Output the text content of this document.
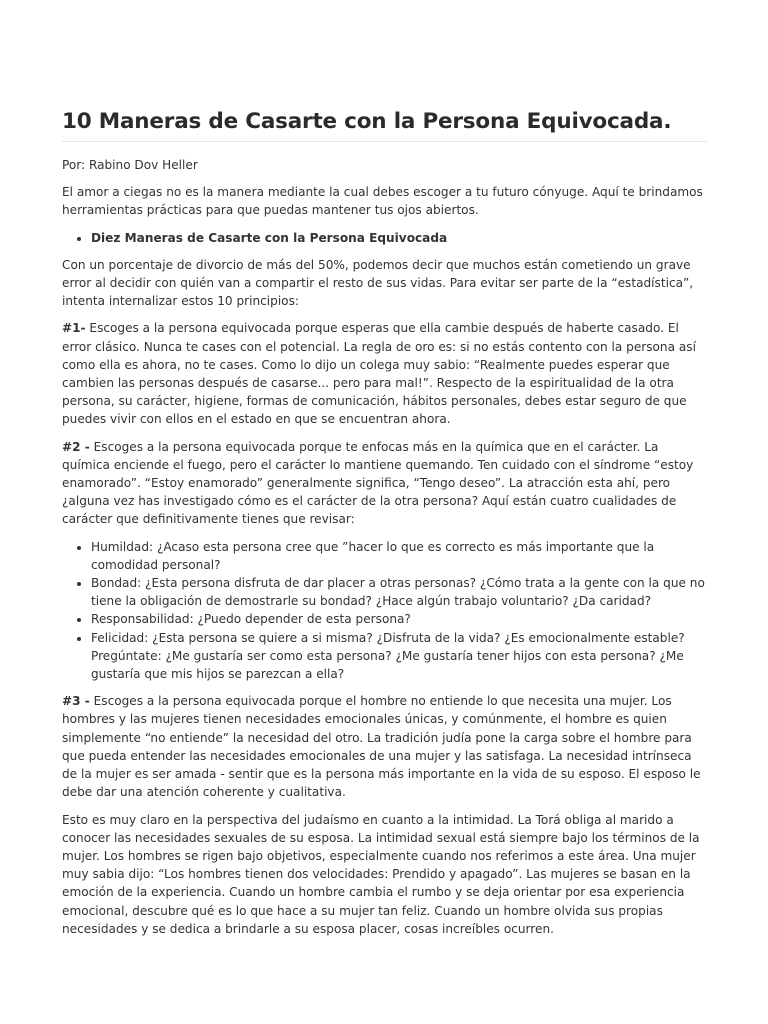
10 Maneras de Casarte con la Persona Equivocada.

Por: Rabino Dov Heller

El amor a ciegas no es la manera mediante la cual debes escoger a tu futuro cónyuge. Aquí te brindamos herramientas prácticas para que puedas mantener tus ojos abiertos.

• Diez Maneras de Casarte con la Persona Equivocada

Con un porcentaje de divorcio de más del 50%, podemos decir que muchos están cometiendo un grave error al decidir con quién van a compartir el resto de sus vidas. Para evitar ser parte de la “estadística”, intenta internalizar estos 10 principios:

#1- Escoges a la persona equivocada porque esperas que ella cambie después de haberte casado. El error clásico. Nunca te cases con el potencial. La regla de oro es: si no estás contento con la persona así como ella es ahora, no te cases. Como lo dijo un colega muy sabio: “Realmente puedes esperar que cambien las personas después de casarse... pero para mal!”. Respecto de la espiritualidad de la otra persona, su carácter, higiene, formas de comunicación, hábitos personales, debes estar seguro de que puedes vivir con ellos en el estado en que se encuentran ahora.

#2 - Escoges a la persona equivocada porque te enfocas más en la química que en el carácter. La química enciende el fuego, pero el carácter lo mantiene quemando. Ten cuidado con el síndrome “estoy enamorado”. “Estoy enamorado” generalmente significa, “Tengo deseo”. La atracción esta ahí, pero ¿alguna vez has investigado cómo es el carácter de la otra persona? Aquí están cuatro cualidades de carácter que definitivamente tienes que revisar:

• Humildad: ¿Acaso esta persona cree que ”hacer lo que es correcto es más importante que la comodidad personal?
• Bondad: ¿Esta persona disfruta de dar placer a otras personas? ¿Cómo trata a la gente con la que no tiene la obligación de demostrarle su bondad? ¿Hace algún trabajo voluntario? ¿Da caridad?
• Responsabilidad: ¿Puedo depender de esta persona?
• Felicidad: ¿Esta persona se quiere a si misma? ¿Disfruta de la vida? ¿Es emocionalmente estable? Pregúntate: ¿Me gustaría ser como esta persona? ¿Me gustaría tener hijos con esta persona? ¿Me gustaría que mis hijos se parezcan a ella?

#3 - Escoges a la persona equivocada porque el hombre no entiende lo que necesita una mujer. Los hombres y las mujeres tienen necesidades emocionales únicas, y comúnmente, el hombre es quien simplemente “no entiende” la necesidad del otro. La tradición judía pone la carga sobre el hombre para que pueda entender las necesidades emocionales de una mujer y las satisfaga. La necesidad intrínseca de la mujer es ser amada - sentir que es la persona más importante en la vida de su esposo. El esposo le debe dar una atención coherente y cualitativa.

Esto es muy claro en la perspectiva del judaísmo en cuanto a la intimidad. La Torá obliga al marido a conocer las necesidades sexuales de su esposa. La intimidad sexual está siempre bajo los términos de la mujer. Los hombres se rigen bajo objetivos, especialmente cuando nos referimos a este área. Una mujer muy sabia dijo: “Los hombres tienen dos velocidades: Prendido y apagado”. Las mujeres se basan en la emoción de la experiencia. Cuando un hombre cambia el rumbo y se deja orientar por esa experiencia emocional, descubre qué es lo que hace a su mujer tan feliz. Cuando un hombre olvida sus propias necesidades y se dedica a brindarle a su esposa placer, cosas increíbles ocurren.
